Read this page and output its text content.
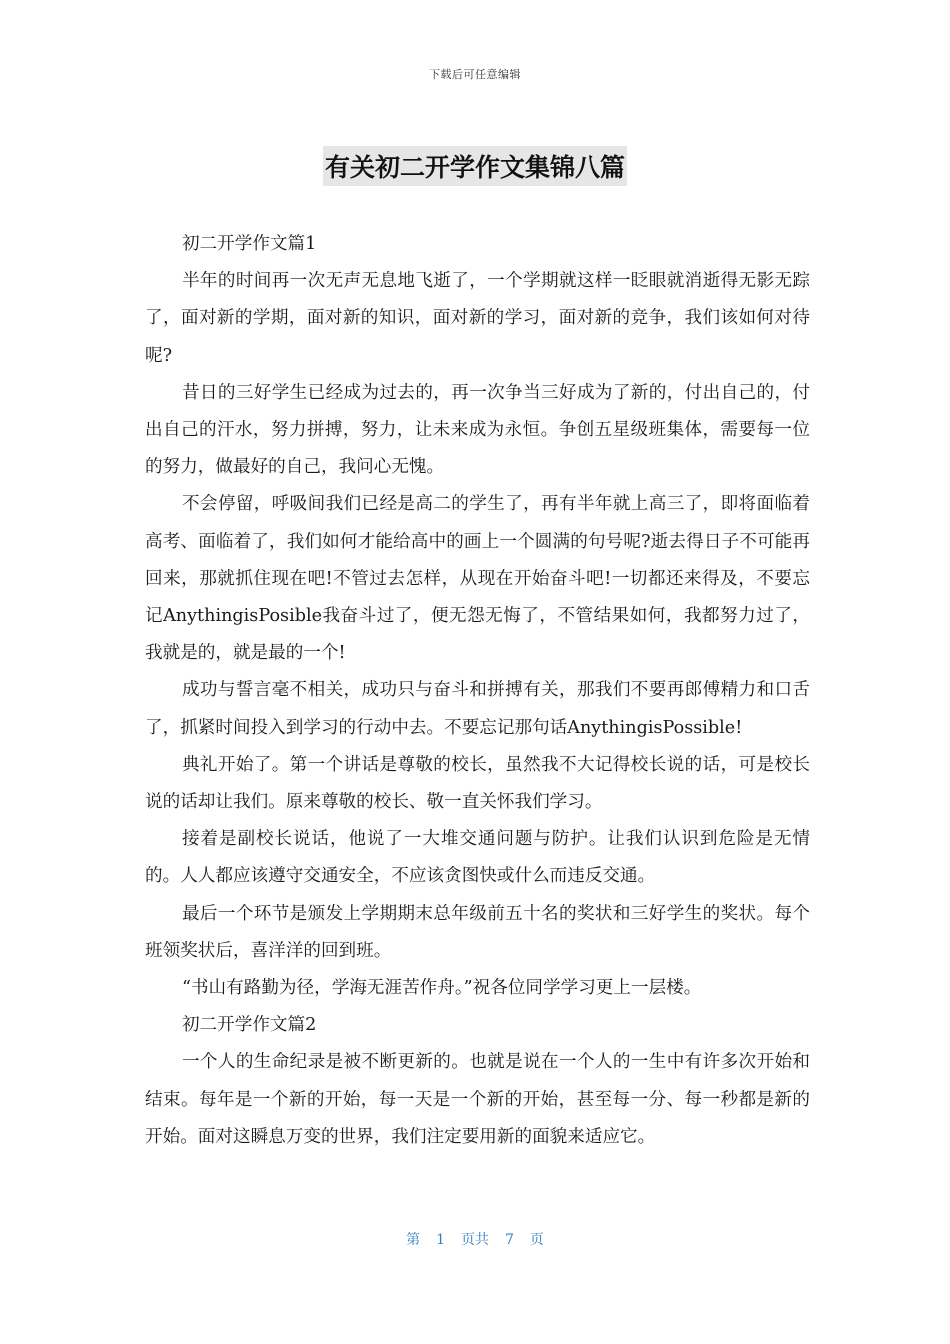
下载后可任意编辑
有关初二开学作文集锦八篇

初二开学作文篇1

半年的时间再一次无声无息地飞逝了，一个学期就这样一眨眼就消逝得无影无踪了，面对新的学期，面对新的知识，面对新的学习，面对新的竞争，我们该如何对待呢?

昔日的三好学生已经成为过去的，再一次争当三好成为了新的，付出自己的，付出自己的汗水，努力拼搏，努力，让未来成为永恒。争创五星级班集体，需要每一位的努力，做最好的自己，我问心无愧。

不会停留，呼吸间我们已经是高二的学生了，再有半年就上高三了，即将面临着高考、面临着了，我们如何才能给高中的画上一个圆满的句号呢?逝去得日子不可能再回来，那就抓住现在吧!不管过去怎样，从现在开始奋斗吧!一切都还来得及，不要忘记AnythingisPosible我奋斗过了，便无怨无悔了，不管结果如何，我都努力过了，我就是的，就是最的一个!

成功与誓言毫不相关，成功只与奋斗和拼搏有关，那我们不要再郎傅精力和口舌了，抓紧时间投入到学习的行动中去。不要忘记那句话AnythingisPossible!

典礼开始了。第一个讲话是尊敬的校长，虽然我不大记得校长说的话，可是校长说的话却让我们。原来尊敬的校长、敬一直关怀我们学习。

接着是副校长说话，他说了一大堆交通问题与防护。让我们认识到危险是无情的。人人都应该遵守交通安全，不应该贪图快或什么而违反交通。

最后一个环节是颁发上学期期末总年级前五十名的奖状和三好学生的奖状。每个班领奖状后，喜洋洋的回到班。

“书山有路勤为径，学海无涯苦作舟。”祝各位同学学习更上一层楼。

初二开学作文篇2

一个人的生命纪录是被不断更新的。也就是说在一个人的一生中有许多次开始和结束。每年是一个新的开始，每一天是一个新的开始，甚至每一分、每一秒都是新的开始。面对这瞬息万变的世界，我们注定要用新的面貌来适应它。

第 1 页共 7 页
